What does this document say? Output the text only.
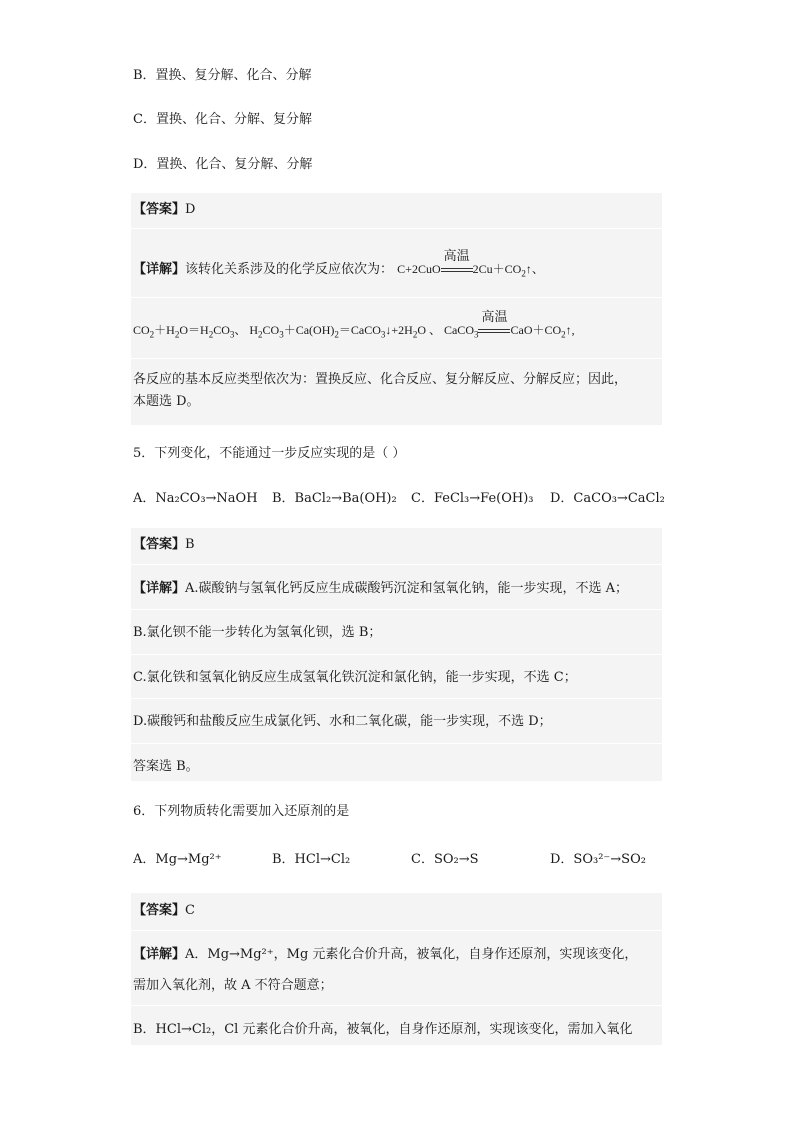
B．置换、复分解、化合、分解
C．置换、化合、分解、复分解
D．置换、化合、复分解、分解
【答案】D
【详解】该转化关系涉及的化学反应依次为： C+2CuO
高温
$2Cu+CO_2↑$、
$CO_2+H_2O=H_2CO_3$、 $H_2CO_3+Ca(OH)_2=CaCO_3↓+2H_2O$ 、 CaCO$_3$
高温
$CaO+CO_2↑$,
各反应的基本反应类型依次为：置换反应、化合反应、复分解反应、分解反应；因此，
本题选 D。
5．下列变化，不能通过一步反应实现的是（ ）
A．Na₂CO₃→NaOH B．BaCl₂→Ba(OH)₂ C．FeCl₃→Fe(OH)₃ D．CaCO₃→CaCl₂
【答案】B
【详解】A.碳酸钠与氢氧化钙反应生成碳酸钙沉淀和氢氧化钠，能一步实现，不选 A；
B.氯化钡不能一步转化为氢氧化钡，选 B；
C.氯化铁和氢氧化钠反应生成氢氧化铁沉淀和氯化钠，能一步实现，不选 C；
D.碳酸钙和盐酸反应生成氯化钙、水和二氧化碳，能一步实现，不选 D；
答案选 B。
6．下列物质转化需要加入还原剂的是
A．Mg→Mg²⁺	B．HCl→Cl₂	C．SO₂→S	D．SO₃²⁻→SO₂
【答案】C
【详解】A．Mg→Mg²⁺，Mg 元素化合价升高，被氧化，自身作还原剂，实现该变化，
需加入氧化剂，故 A 不符合题意；
B．HCl→Cl₂，Cl 元素化合价升高，被氧化，自身作还原剂，实现该变化，需加入氧化
